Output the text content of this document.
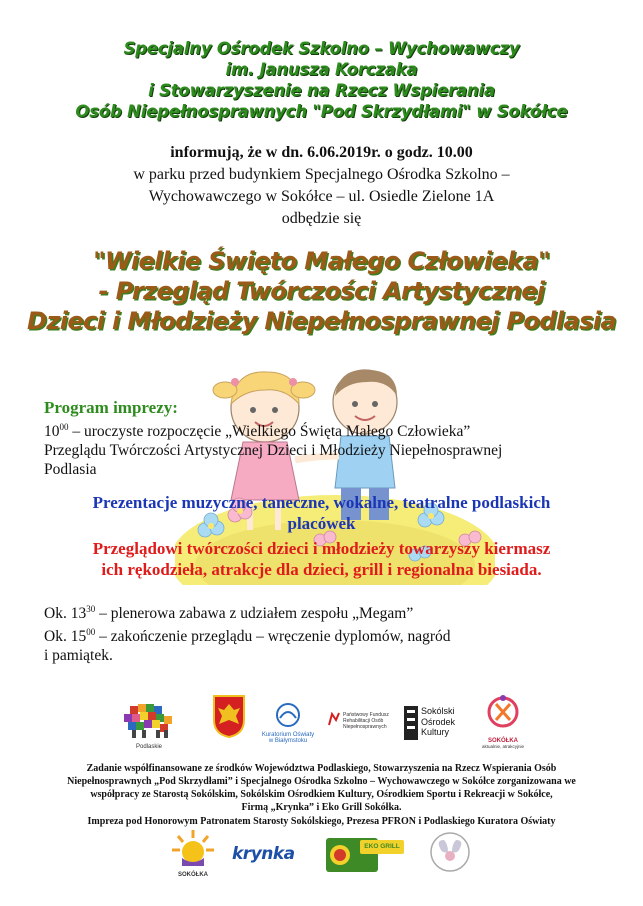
Specjalny Ośrodek Szkolno – Wychowawczy
im. Janusza Korczaka
i Stowarzyszenie na Rzecz Wspierania
Osób Niepełnosprawnych "Pod Skrzydłami" w Sokółce
informują, że w dn. 6.06.2019r. o godz. 10.00
w parku przed budynkiem Specjalnego Ośrodka Szkolno –
Wychowawczego w Sokółce – ul. Osiedle Zielone 1A
odbędzie się
"Wielkie Święto Małego Człowieka"
- Przegląd Twórczości Artystycznej
Dzieci i Młodzieży Niepełnosprawnej Podlasia
Program imprezy:
$10^{00}$ – uroczyste rozpoczęcie „Wielkiego Święta Małego Człowieka”
Przeglądu Twórczości Artystycznej Dzieci i Młodzieży Niepełnosprawnej
Podlasia
Prezentacje muzyczne, taneczne, wokalne, teatralne podlaskich
placówek
Przeglądowi twórczości dzieci i młodzieży towarzyszy kiermasz
ich rękodzieła, atrakcje dla dzieci, grill i regionalna biesiada.
Ok. $13^{30}$ – plenerowa zabawa z udziałem zespołu „Megam”
Ok. $15^{00}$ – zakończenie przeglądu – wręczenie dyplomów, nagród
i pamiątek.
Podlaskie
Kuratorium Oświaty
w Białymstoku
Państwowy Fundusz
Rehabilitacji Osób
Niepełnosprawnych
Sokólski
Ośrodek
Kultury
SOKÓŁKA
aktualnie, atrakcyjnie
Zadanie współfinansowane ze środków Województwa Podlaskiego, Stowarzyszenia na Rzecz Wspierania Osób
Niepełnosprawnych „Pod Skrzydłami” i Specjalnego Ośrodka Szkolno – Wychowawczego w Sokółce zorganizowana we
współpracy ze Starostą Sokólskim, Sokólskim Ośrodkiem Kultury, Ośrodkiem Sportu i Rekreacji w Sokółce,
Firmą „Krynka” i Eko Grill Sokółka.
Impreza pod Honorowym Patronatem Starosty Sokólskiego, Prezesa PFRON i Podlaskiego Kuratora Oświaty
SOKÓŁKA
krynka	EKO GRILL
